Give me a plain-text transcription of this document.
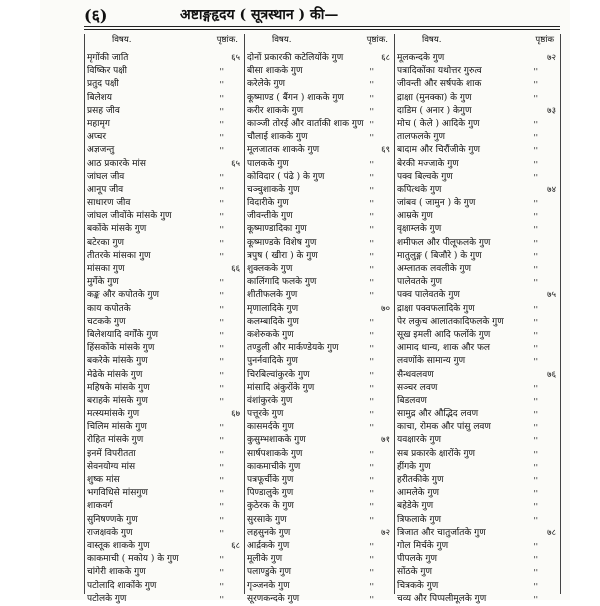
(६)	अष्टाङ्गहृदय ( सूत्रस्थान ) की—
विषय.	पृष्ठांक.
मृगोंकी जाति	६५
विष्किर पक्षी	''
प्रतुद पक्षी	''
बिलेशय	''
प्रसह जीव	''
महामृग	''
अप्चर	''
अज्ञजन्तु	''
आठ प्रकारके मांस	६५
जांघल जीव	''
आनूप जीव	''
साधारण जीव	''
जांघल जीवोंके मांसके गुण	''
बकोंके मांसके गुण	''
बटेरका गुण	''
तीतरके मांसका गुण	''
मांसका गुण	६६
मुर्गेके गुण	''
कङ्क और कपोतके गुण	''
काय कपोतके	''
चटकके गुण	''
बिलेशयादि वर्गोंके गुण	''
हिंसकोंके मांसके गुण	''
बकरेके मांसके गुण	''
मेढेके मांसके गुण	''
महिषके मांसके गुण	''
बराहके मांसके गुण	''
मत्स्यमांसके गुण	६७
चिलिम मांसके गुण	''
रोहित मांसके गुण	''
इनमें विपरीतता	''
सेवनयोग्य मांस	''
शुष्क मांस	''
भगविधिसे मांसगुण	''
शाकवर्ग	''
सुनिषण्णके गुण	''
राजक्षवके गुण	''
वास्तूक शाकके गुण	६८
काकमाची ( मकोय ) के गुण	''
चांगेरी शाकके गुण	''
पटोलादि शाकोंके गुण	''
पटोलके गुण	''
विषय.	पृष्ठांक.
दोनों प्रकारकी कटेलियोंके गुण	६८
बीसा शाकके गुण	''
करेलेके गुण	''
कूष्माण्ड ( बैंगन ) शाकके गुण	''
करीर शाकके गुण	''
काञ्जी तोरई और वार्ताकी शाक गुण ''
चौलाई शाकके गुण	''
मूलजातक शाकके गुण	६९
पालकके गुण	''
कोविदार ( पंढे ) के गुण	''
चञ्चुशाकके गुण	''
विदारीके गुण	''
जीवन्तीके गुण	''
कूष्माण्डादिका गुण	''
कूष्माण्डके विशेष गुण	''
त्रपुष ( खीरा ) के गुण	''
शुक्लकके गुण	''
कालिंगादि फलके गुण	''
शीतीफलके गुण	''
मृणालादिके गुण	७०
कलम्बादिके गुण	''
कशेरुकके गुण	''
तण्डुली और मार्कण्डेयके गुण	''
पुनर्नवादिके गुण	''
चिरबिल्वांकुरके गुण	''
मांसादि अंकुरोंके गुण	''
वंशांकुरके गुण	''
पत्तूरके गुण	''
कासमर्दके गुण	''
कुसुम्भशाकके गुण	७१
सार्षपशाकके गुण	''
काकमाचीके गुण	''
पत्रफूर्चीके गुण	''
पिण्डालुके गुण	''
कुठेरक के गुण	''
सुरसाके गुण	''
लहसुनके गुण	७२
आर्द्रकके गुण	''
मूलीके गुण	''
पलाण्डुके गुण	''
गृञ्जनके गुण	''
सूरणकन्दके गुण	''
विषय.	पृष्ठांक
मूलकन्दके गुण	७२
पत्रादिकोंका यथोत्तर गुरुत्व	''
जीवन्ती और सर्षपके शाक	''
द्राक्षा (मुनक्का) के गुण	''
दाडिम ( अनार ) केगुण	७३
मोच ( केले ) आदिके गुण	''
तालफलके गुण	''
बादाम और चिरौंजीके गुण	''
बेरकी मज्जाके गुण	''
पक्व बिल्वके गुण	''
कपित्थके गुण	७४
जांबव ( जामुन ) के गुण	''
आम्रके गुण	''
वृक्षाम्लके गुण	''
शमीफल और पीलूफलके गुण	''
मातुलुङ्ग ( बिजौरे ) के गुण	''
अम्लातक लवलीके गुण	''
पालेवतके गुण	''
पक्व पालेवतके गुण	७५
द्राक्षा पक्वफलादिके गुण	''
पेर लकुच आलातकादिफलके गुण	''
सूख इमली आदि फलोंके गुण	''
आमाद धान्य, शाक और फल	''
लवणोंके सामान्य गुण	''
सैन्धवलवण	७६
सञ्चर लवण	''
बिडलवण	''
सामुद्र और औद्भिद लवण	''
काचा, रोमक और पांसु लवण	''
यवक्षारके गुण	''
सब प्रकारके क्षारोंके गुण	''
हींगके गुण	''
हरीतकीके गुण	''
आमलेके गुण	''
बहेडेके गुण	''
त्रिफलाके गुण	''
त्रिजात और चातुर्जातके गुण	७८
गोल मिर्चके गुण	''
पीपलके गुण	''
सोंठके गुण	''
चित्रकके गुण	''
चव्य और पिप्पलीमूलके गुण	''
